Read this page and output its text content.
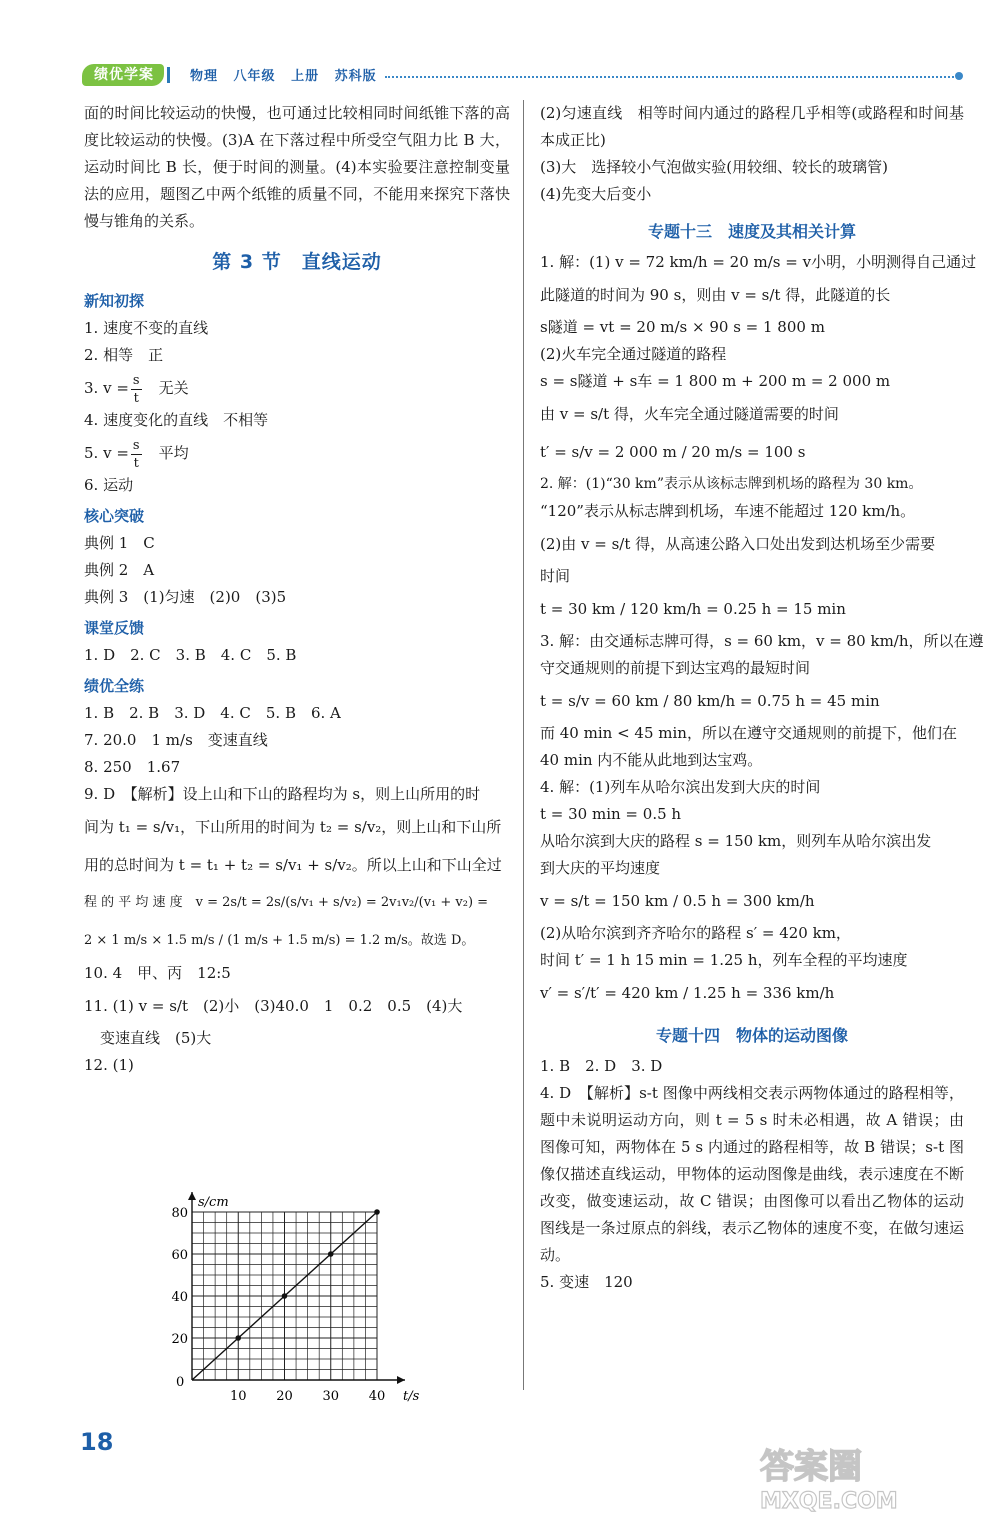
绩优学案	物理 八年级 上册 苏科版
面的时间比较运动的快慢，也可通过比较相同时间纸锥下落的高度比较运动的快慢。(3)A 在下落过程中所受空气阻力比 B 大，运动时间比 B 长，便于时间的测量。(4)本实验要注意控制变量法的应用，题图乙中两个纸锥的质量不同，不能用来探究下落快慢与锥角的关系。
第 3 节　直线运动
新知初探
1. 速度不变的直线
2. 相等　正
3. $v = \frac{s}{t}$
　 无关
4. 速度变化的直线　不相等
5. $v = \frac{s}{t}$
　 平均
6. 运动
核心突破
典例 1　C
典例 2　A
典例 3　(1)匀速　(2)0　(3)5
课堂反馈
1. D　2. C　3. B　4. C　5. B
绩优全练
1. B　2. B　3. D　4. C　5. B　6. A
7. 20.0　1 m/s　变速直线
8. 250　1.67
9. D　【解析】设上山和下山的路程均为 s，则上山所用的时
间为 t₁ = s/v₁，下山所用的时间为 t₂ = s/v₂，则上山和下山所
用的总时间为 t = t₁ + t₂ = s/v₁ + s/v₂。所以上山和下山全过
程 的 平 均 速 度　v = 2s/t = 2s/(s/v₁ + s/v₂) = 2v₁v₂/(v₁ + v₂) =
2 × 1 m/s × 1.5 m/s / (1 m/s + 1.5 m/s) = 1.2 m/s。故选 D。
10. 4　甲、丙　12:5
11. (1) v = s/t　(2)小　(3)40.0　1　0.2　0.5　(4)大
变速直线　(5)大
12. (1)
t/s
s/cm
0
10 20 30 40
20
40
60
80
(2)匀速直线　相等时间内通过的路程几乎相等(或路程和时间基本成正比)
(3)大　选择较小气泡做实验(用较细、较长的玻璃管)
(4)先变大后变小
专题十三　速度及其相关计算
1. 解：(1) v = 72 km/h = 20 m/s = v小明，小明测得自己通过
此隧道的时间为 90 s，则由 v = s/t 得，此隧道的长
s隧道 = vt = 20 m/s × 90 s = 1 800 m
(2)火车完全通过隧道的路程
s = s隧道 + s车 = 1 800 m + 200 m = 2 000 m
由 v = s/t 得，火车完全通过隧道需要的时间
t′ = s/v = 2 000 m / 20 m/s = 100 s
2. 解：(1)“30 km”表示从该标志牌到机场的路程为 30 km。
“120”表示从标志牌到机场，车速不能超过 120 km/h。
(2)由 v = s/t 得，从高速公路入口处出发到达机场至少需要
时间
t = 30 km / 120 km/h = 0.25 h = 15 min
3. 解：由交通标志牌可得，s = 60 km，v = 80 km/h，所以在遵
守交通规则的前提下到达宝鸡的最短时间
t = s/v = 60 km / 80 km/h = 0.75 h = 45 min
而 40 min < 45 min，所以在遵守交通规则的前提下，他们在
40 min 内不能从此地到达宝鸡。
4. 解：(1)列车从哈尔滨出发到大庆的时间
t = 30 min = 0.5 h
从哈尔滨到大庆的路程 s = 150 km，则列车从哈尔滨出发
到大庆的平均速度
v = s/t = 150 km / 0.5 h = 300 km/h
(2)从哈尔滨到齐齐哈尔的路程 s′ = 420 km，
时间 t′ = 1 h 15 min = 1.25 h，列车全程的平均速度
v′ = s′/t′ = 420 km / 1.25 h = 336 km/h
专题十四　物体的运动图像
1. B　2. D　3. D
4. D　【解析】s-t 图像中两线相交表示两物体通过的路程相等，题中未说明运动方向，则 t = 5 s 时未必相遇，故 A 错误；由图像可知，两物体在 5 s 内通过的路程相等，故 B 错误；s-t 图像仅描述直线运动，甲物体的运动图像是曲线，表示速度在不断改变，做变速运动，故 C 错误；由图像可以看出乙物体的运动图线是一条过原点的斜线，表示乙物体的速度不变，在做匀速运动。
5. 变速　120
18
答案圈
MXQE.COM
